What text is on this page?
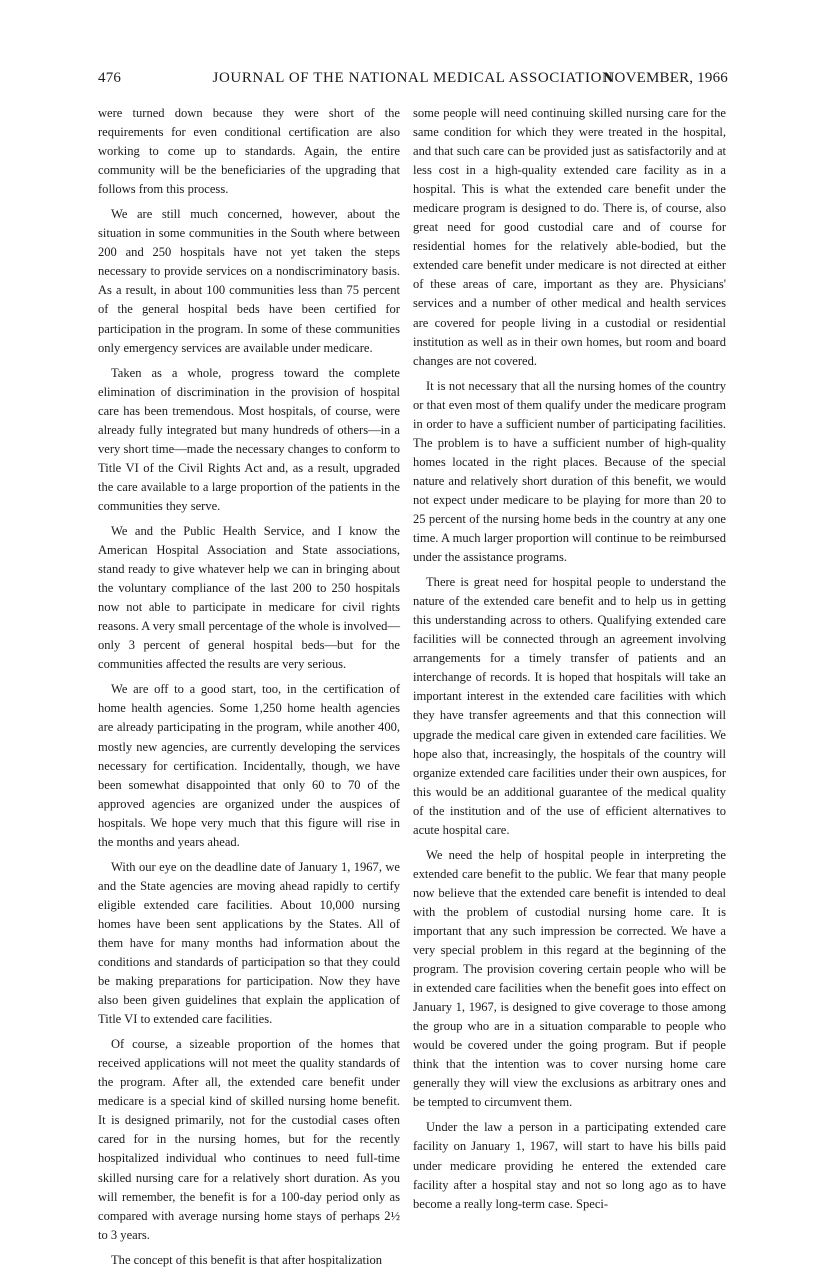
476	JOURNAL OF THE NATIONAL MEDICAL ASSOCIATION
NOVEMBER, 1966

were turned down because they were short of the requirements for even conditional certification are also working to come up to standards. Again, the entire community will be the beneficiaries of the upgrading that follows from this process.

We are still much concerned, however, about the situation in some communities in the South where between 200 and 250 hospitals have not yet taken the steps necessary to provide services on a nondiscriminatory basis. As a result, in about 100 communities less than 75 percent of the general hospital beds have been certified for participation in the program. In some of these communities only emergency services are available under medicare.

Taken as a whole, progress toward the complete elimination of discrimination in the provision of hospital care has been tremendous. Most hospitals, of course, were already fully integrated but many hundreds of others—in a very short time—made the necessary changes to conform to Title VI of the Civil Rights Act and, as a result, upgraded the care available to a large proportion of the patients in the communities they serve.

We and the Public Health Service, and I know the American Hospital Association and State associations, stand ready to give whatever help we can in bringing about the voluntary compliance of the last 200 to 250 hospitals now not able to participate in medicare for civil rights reasons. A very small percentage of the whole is involved—only 3 percent of general hospital beds—but for the communities affected the results are very serious.

We are off to a good start, too, in the certification of home health agencies. Some 1,250 home health agencies are already participating in the program, while another 400, mostly new agencies, are currently developing the services necessary for certification. Incidentally, though, we have been somewhat disappointed that only 60 to 70 of the approved agencies are organized under the auspices of hospitals. We hope very much that this figure will rise in the months and years ahead.

With our eye on the deadline date of January 1, 1967, we and the State agencies are moving ahead rapidly to certify eligible extended care facilities. About 10,000 nursing homes have been sent applications by the States. All of them have for many months had information about the conditions and standards of participation so that they could be making preparations for participation. Now they have also been given guidelines that explain the application of Title VI to extended care facilities.

Of course, a sizeable proportion of the homes that received applications will not meet the quality standards of the program. After all, the extended care benefit under medicare is a special kind of skilled nursing home benefit. It is designed primarily, not for the custodial cases often cared for in the nursing homes, but for the recently hospitalized individual who continues to need full-time skilled nursing care for a relatively short duration. As you will remember, the benefit is for a 100-day period only as compared with average nursing home stays of perhaps 2½ to 3 years.

The concept of this benefit is that after hospitalization

some people will need continuing skilled nursing care for the same condition for which they were treated in the hospital, and that such care can be provided just as satisfactorily and at less cost in a high-quality extended care facility as in a hospital. This is what the extended care benefit under the medicare program is designed to do. There is, of course, also great need for good custodial care and of course for residential homes for the relatively able-bodied, but the extended care benefit under medicare is not directed at either of these areas of care, important as they are. Physicians' services and a number of other medical and health services are covered for people living in a custodial or residential institution as well as in their own homes, but room and board changes are not covered.

It is not necessary that all the nursing homes of the country or that even most of them qualify under the medicare program in order to have a sufficient number of participating facilities. The problem is to have a sufficient number of high-quality homes located in the right places. Because of the special nature and relatively short duration of this benefit, we would not expect under medicare to be playing for more than 20 to 25 percent of the nursing home beds in the country at any one time. A much larger proportion will continue to be reimbursed under the assistance programs.

There is great need for hospital people to understand the nature of the extended care benefit and to help us in getting this understanding across to others. Qualifying extended care facilities will be connected through an agreement involving arrangements for a timely transfer of patients and an interchange of records. It is hoped that hospitals will take an important interest in the extended care facilities with which they have transfer agreements and that this connection will upgrade the medical care given in extended care facilities. We hope also that, increasingly, the hospitals of the country will organize extended care facilities under their own auspices, for this would be an additional guarantee of the medical quality of the institution and of the use of efficient alternatives to acute hospital care.

We need the help of hospital people in interpreting the extended care benefit to the public. We fear that many people now believe that the extended care benefit is intended to deal with the problem of custodial nursing home care. It is important that any such impression be corrected. We have a very special problem in this regard at the beginning of the program. The provision covering certain people who will be in extended care facilities when the benefit goes into effect on January 1, 1967, is designed to give coverage to those among the group who are in a situation comparable to people who would be covered under the going program. But if people think that the intention was to cover nursing home care generally they will view the exclusions as arbitrary ones and be tempted to circumvent them.

Under the law a person in a participating extended care facility on January 1, 1967, will start to have his bills paid under medicare providing he entered the extended care facility after a hospital stay and not so long ago as to have become a really long-term case. Speci-
